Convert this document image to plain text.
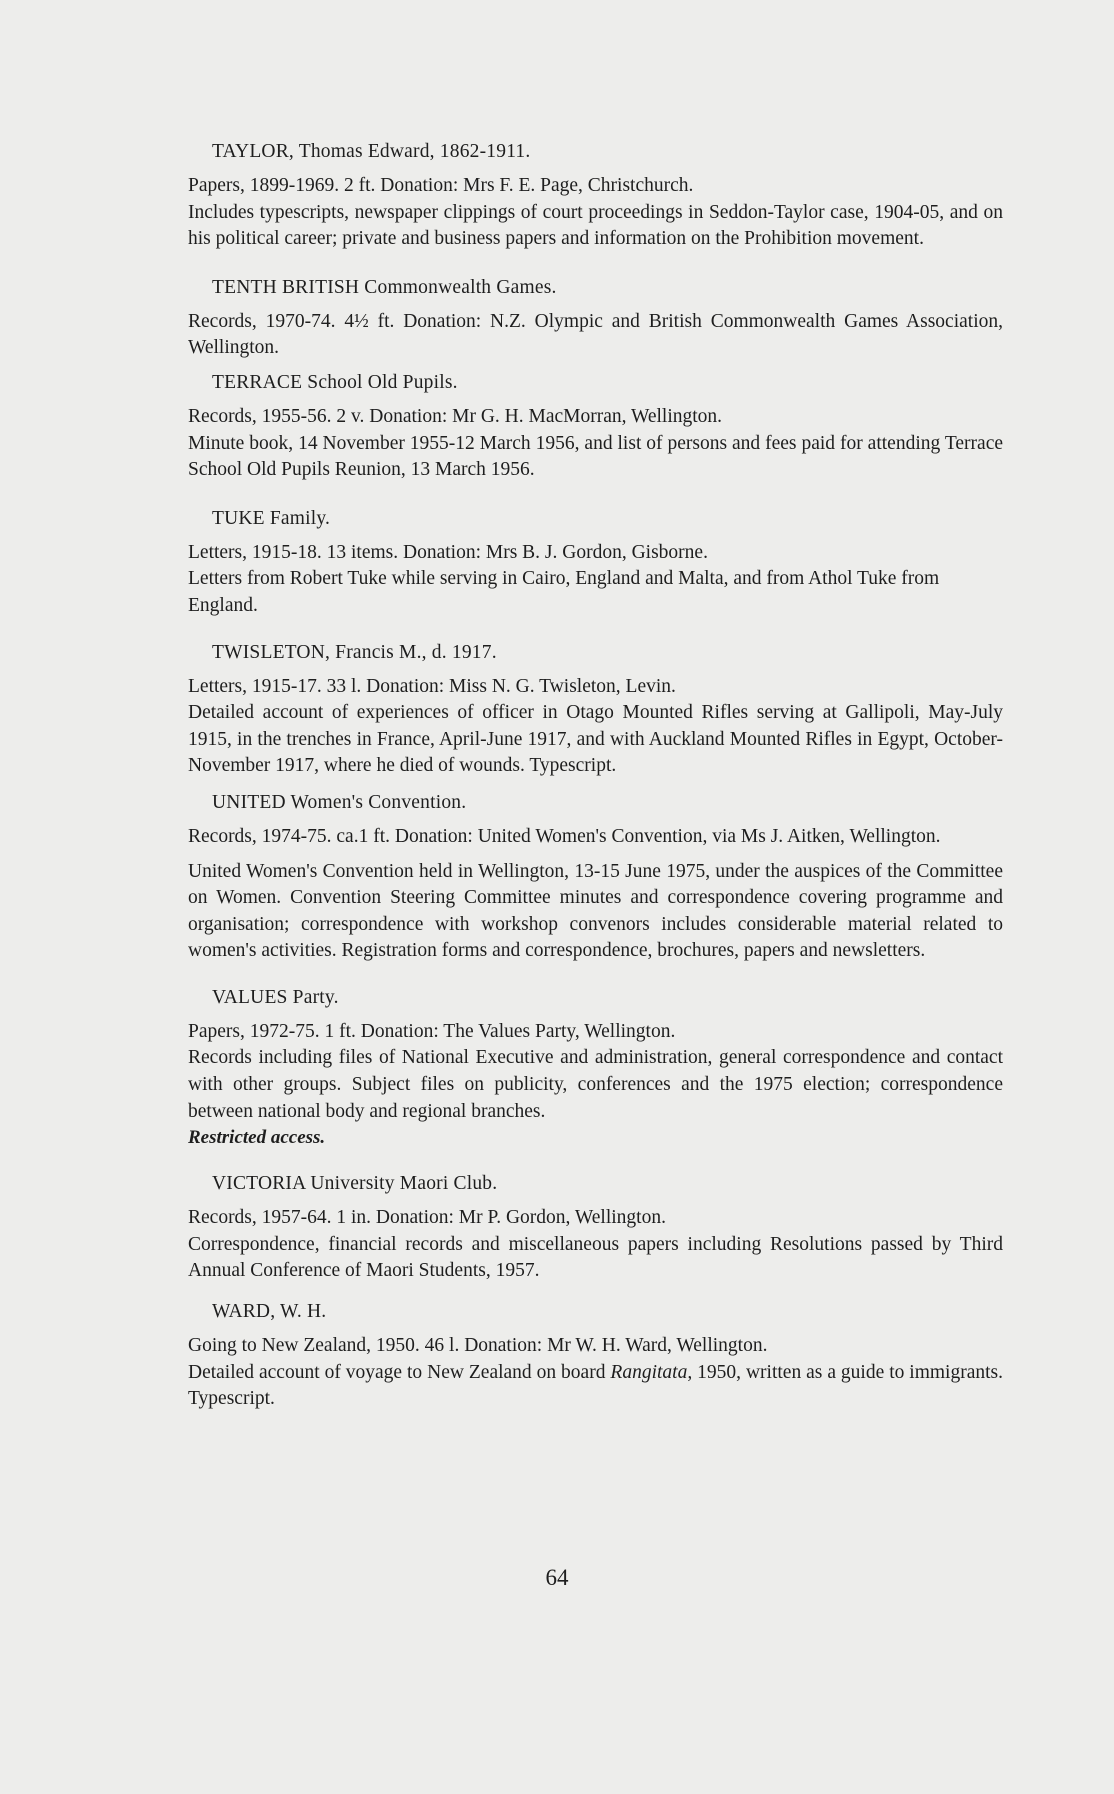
TAYLOR, Thomas Edward, 1862-1911.

Papers, 1899-1969. 2 ft. Donation: Mrs F. E. Page, Christchurch.

Includes typescripts, newspaper clippings of court proceedings in Seddon-Taylor case, 1904-05, and on his political career; private and business papers and information on the Prohibition movement.

TENTH BRITISH Commonwealth Games.

Records, 1970-74. 4½ ft. Donation: N.Z. Olympic and British Commonwealth Games Association, Wellington.

TERRACE School Old Pupils.

Records, 1955-56. 2 v. Donation: Mr G. H. MacMorran, Wellington.

Minute book, 14 November 1955-12 March 1956, and list of persons and fees paid for attending Terrace School Old Pupils Reunion, 13 March 1956.

TUKE Family.

Letters, 1915-18. 13 items. Donation: Mrs B. J. Gordon, Gisborne.

Letters from Robert Tuke while serving in Cairo, England and Malta, and from Athol Tuke from England.

TWISLETON, Francis M., d. 1917.

Letters, 1915-17. 33 l. Donation: Miss N. G. Twisleton, Levin.

Detailed account of experiences of officer in Otago Mounted Rifles serving at Gallipoli, May-July 1915, in the trenches in France, April-June 1917, and with Auckland Mounted Rifles in Egypt, October-November 1917, where he died of wounds. Typescript.

UNITED Women's Convention.

Records, 1974-75. ca.1 ft. Donation: United Women's Convention, via Ms J. Aitken, Wellington.

United Women's Convention held in Wellington, 13-15 June 1975, under the auspices of the Committee on Women. Convention Steering Committee minutes and correspondence covering programme and organisation; correspondence with workshop convenors includes considerable material related to women's activities. Registration forms and correspondence, brochures, papers and newsletters.

VALUES Party.

Papers, 1972-75. 1 ft. Donation: The Values Party, Wellington.

Records including files of National Executive and administration, general correspondence and contact with other groups. Subject files on publicity, conferences and the 1975 election; correspondence between national body and regional branches.

Restricted access.

VICTORIA University Maori Club.

Records, 1957-64. 1 in. Donation: Mr P. Gordon, Wellington.

Correspondence, financial records and miscellaneous papers including Resolutions passed by Third Annual Conference of Maori Students, 1957.

WARD, W. H.

Going to New Zealand, 1950. 46 l. Donation: Mr W. H. Ward, Wellington.

Detailed account of voyage to New Zealand on board Rangitata, 1950, written as a guide to immigrants. Typescript.

64
